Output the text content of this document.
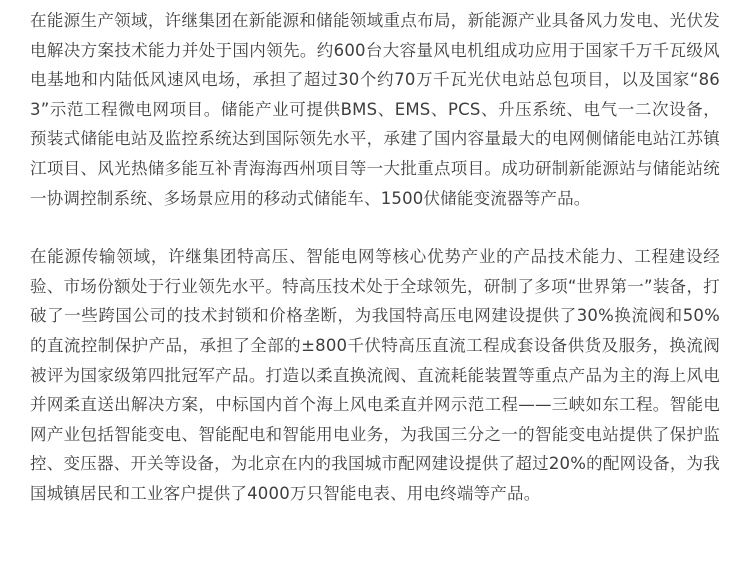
在能源生产领域，许继集团在新能源和储能领域重点布局，新能源产业具备风力发电、光伏发电解决方案技术能力并处于国内领先。约600台大容量风电机组成功应用于国家千万千瓦级风电基地和内陆低风速风电场，承担了超过30个约70万千瓦光伏电站总包项目，以及国家“863”示范工程微电网项目。储能产业可提供BMS、EMS、PCS、升压系统、电气一二次设备，预装式储能电站及监控系统达到国际领先水平，承建了国内容量最大的电网侧储能电站江苏镇江项目、风光热储多能互补青海海西州项目等一大批重点项目。成功研制新能源站与储能站统一协调控制系统、多场景应用的移动式储能车、1500伏储能变流器等产品。

在能源传输领域，许继集团特高压、智能电网等核心优势产业的产品技术能力、工程建设经验、市场份额处于行业领先水平。特高压技术处于全球领先，研制了多项“世界第一”装备，打破了一些跨国公司的技术封锁和价格垄断，为我国特高压电网建设提供了30%换流阀和50%的直流控制保护产品，承担了全部的±800千伏特高压直流工程成套设备供货及服务，换流阀被评为国家级第四批冠军产品。打造以柔直换流阀、直流耗能装置等重点产品为主的海上风电并网柔直送出解决方案，中标国内首个海上风电柔直并网示范工程——三峡如东工程。智能电网产业包括智能变电、智能配电和智能用电业务，为我国三分之一的智能变电站提供了保护监控、变压器、开关等设备，为北京在内的我国城市配网建设提供了超过20%的配网设备，为我国城镇居民和工业客户提供了4000万只智能电表、用电终端等产品。
